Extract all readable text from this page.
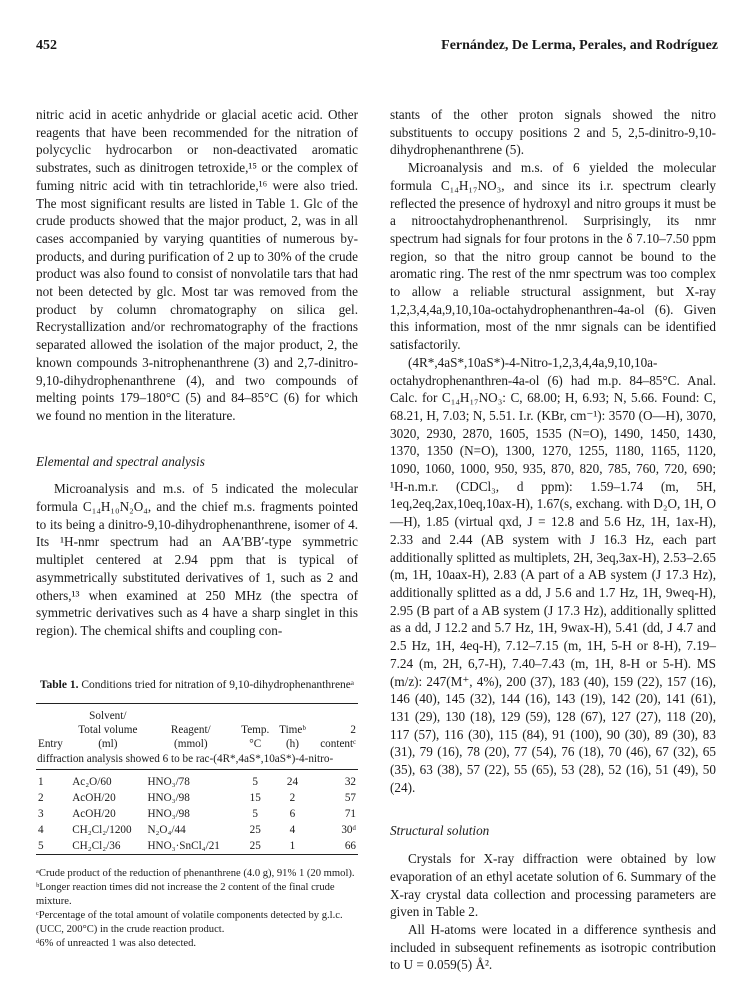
452	Fernández, De Lerma, Perales, and Rodríguez

nitric acid in acetic anhydride or glacial acetic acid. Other reagents that have been recommended for the nitration of polycyclic hydrocarbon or non-deactivated aromatic substrates, such as dinitrogen tetroxide,¹⁵ or the complex of fuming nitric acid with tin tetrachloride,¹⁶ were also tried. The most significant results are listed in Table 1. Glc of the crude products showed that the major product, 2, was in all cases accompanied by varying quantities of numerous by-products, and during purification of 2 up to 30% of the crude product was also found to consist of nonvolatile tars that had not been detected by glc. Most tar was removed from the product by column chromatography on silica gel. Recrystallization and/or rechromatography of the fractions separated allowed the isolation of the major product, 2, the known compounds 3-nitrophenanthrene (3) and 2,7-dinitro-9,10-dihydrophenanthrene (4), and two compounds of melting points 179–180°C (5) and 84–85°C (6) for which we found no mention in the literature.

Elemental and spectral analysis

Microanalysis and m.s. of 5 indicated the molecular formula C₁₄H₁₀N₂O₄, and the chief m.s. fragments pointed to its being a dinitro-9,10-dihydrophenanthrene, isomer of 4. Its ¹H-nmr spectrum had an AA′BB′-type symmetric multiplet centered at 2.94 ppm that is typical of asymmetrically substituted derivatives of 1, such as 2 and others,¹³ when examined at 250 MHz (the spectra of symmetric derivatives such as 4 have a sharp singlet in this region). The chemical shifts and coupling con-

Table 1. Conditions tried for nitration of 9,10-dihydrophenanthreneᵃ
	Solvent/				
	Total volume	Reagent/	Temp.	Timeᵇ	2
Entry	(ml)	(mmol)	°C	(h)	contentᶜ
diffraction analysis showed 6 to be rac-(4R*,4aS*,10aS*)-4-nitro-					
1	Ac₂O/60	HNO₃/78	5	24	32
2	AcOH/20	HNO₃/98	15	2	57
3	AcOH/20	HNO₃/98	5	6	71
4	CH₂Cl₂/1200	N₂O₄/44	25	4	30ᵈ
5	CH₂Cl₂/36	HNO₃·SnCl₄/21	25	1	66

ᵃCrude product of the reduction of phenanthrene (4.0 g), 91% 1 (20 mmol).

ᵇLonger reaction times did not increase the 2 content of the final crude mixture.

ᶜPercentage of the total amount of volatile components detected by g.l.c. (UCC, 200°C) in the crude reaction product.

ᵈ6% of unreacted 1 was also detected.

stants of the other proton signals showed the nitro substituents to occupy positions 2 and 5, 2,5-dinitro-9,10-dihydrophenanthrene (5).

Microanalysis and m.s. of 6 yielded the molecular formula C₁₄H₁₇NO₃, and since its i.r. spectrum clearly reflected the presence of hydroxyl and nitro groups it must be a nitrooctahydrophenanthrenol. Surprisingly, its nmr spectrum had signals for four protons in the δ 7.10–7.50 ppm region, so that the nitro group cannot be bound to the aromatic ring. The rest of the nmr spectrum was too complex to allow a reliable structural assignment, but X-ray 1,2,3,4,4a,9,10,10a-octahydrophenanthren-4a-ol (6). Given this information, most of the nmr signals can be identified satisfactorily.

(4R*,4aS*,10aS*)-4-Nitro-1,2,3,4,4a,9,10,10a-octahydrophenanthren-4a-ol (6) had m.p. 84–85°C. Anal. Calc. for C₁₄H₁₇NO₃: C, 68.00; H, 6.93; N, 5.66. Found: C, 68.21, H, 7.03; N, 5.51. I.r. (KBr, cm⁻¹): 3570 (O—H), 3070, 3020, 2930, 2870, 1605, 1535 (N=O), 1490, 1450, 1430, 1370, 1350 (N=O), 1300, 1270, 1255, 1180, 1165, 1120, 1090, 1060, 1000, 950, 935, 870, 820, 785, 760, 720, 690; ¹H-n.m.r. (CDCl₃, d ppm): 1.59–1.74 (m, 5H, 1eq,2eq,2ax,10eq,10ax-H), 1.67(s, exchang. with D₂O, 1H, O—H), 1.85 (virtual qxd, J = 12.8 and 5.6 Hz, 1H, 1ax-H), 2.33 and 2.44 (AB system with J 16.3 Hz, each part additionally splitted as multiplets, 2H, 3eq,3ax-H), 2.53–2.65 (m, 1H, 10aax-H), 2.83 (A part of a AB system (J 17.3 Hz), additionally splitted as a dd, J 5.6 and 1.7 Hz, 1H, 9weq-H), 2.95 (B part of a AB system (J 17.3 Hz), additionally splitted as a dd, J 12.2 and 5.7 Hz, 1H, 9wax-H), 5.41 (dd, J 4.7 and 2.5 Hz, 1H, 4eq-H), 7.12–7.15 (m, 1H, 5-H or 8-H), 7.19–7.24 (m, 2H, 6,7-H), 7.40–7.43 (m, 1H, 8-H or 5-H). MS (m/z): 247(M⁺, 4%), 200 (37), 183 (40), 159 (22), 157 (16), 146 (40), 145 (32), 144 (16), 143 (19), 142 (20), 141 (61), 131 (29), 130 (18), 129 (59), 128 (67), 127 (27), 118 (20), 117 (57), 116 (30), 115 (84), 91 (100), 90 (30), 89 (30), 83 (31), 79 (16), 78 (20), 77 (54), 76 (18), 70 (46), 67 (32), 65 (35), 63 (38), 57 (22), 55 (65), 53 (28), 52 (16), 51 (49), 50 (24).

Structural solution

Crystals for X-ray diffraction were obtained by low evaporation of an ethyl acetate solution of 6. Summary of the X-ray crystal data collection and processing parameters are given in Table 2.

All H-atoms were located in a difference synthesis and included in subsequent refinements as isotropic contribution to U = 0.059(5) Å².
